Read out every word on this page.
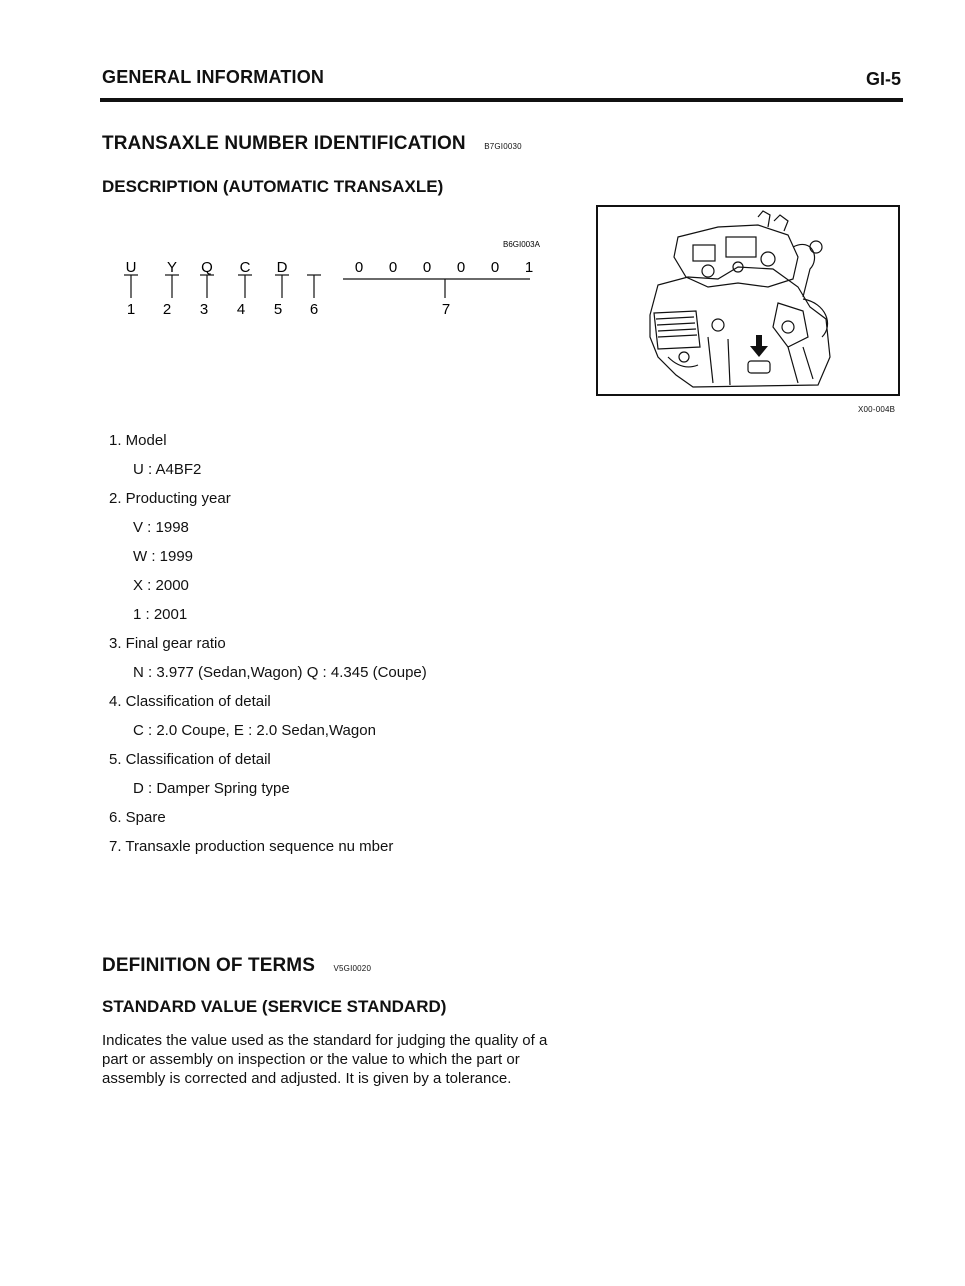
GENERAL INFORMATION	GI-5
TRANSAXLE NUMBER IDENTIFICATION B7GI0030
DESCRIPTION (AUTOMATIC TRANSAXLE)
B6GI003A
U Y Q C D	0 0 0 0 0 1
1 2 3 4 5 6	7
X00-004B
1. Model
U : A4BF2
2. Producting year
V : 1998
W : 1999
X : 2000
1 : 2001
3. Final gear ratio
N : 3.977 (Sedan,Wagon) Q : 4.345 (Coupe)
4. Classification of detail
C : 2.0 Coupe, E : 2.0 Sedan,Wagon
5. Classification of detail
D : Damper Spring type
6. Spare
7. Transaxle production sequence nu mber
DEFINITION OF TERMS V5GI0020
STANDARD VALUE (SERVICE STANDARD)
Indicates the value used as the standard for judging the quality of a part or assembly on inspection or the value to which the part or assembly is corrected and adjusted. It is given by a tolerance.
